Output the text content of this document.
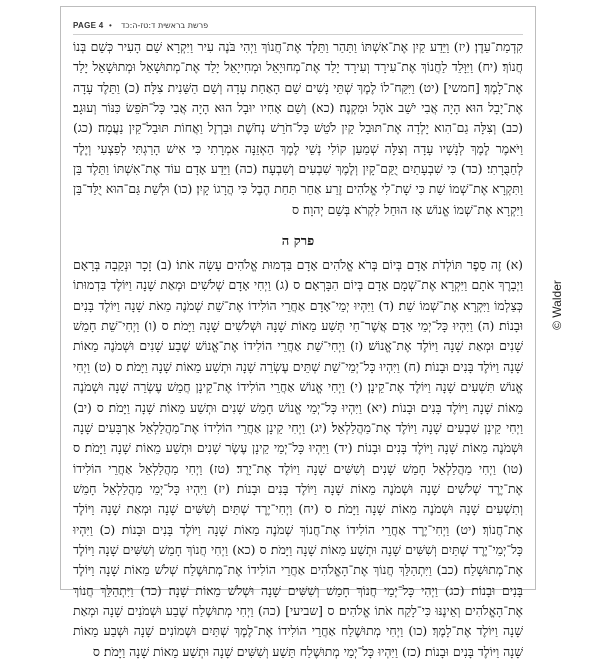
PAGE 4 • פרשת בראשית ד:טז-ה:כד

קִדְמַת־עֵדֶן׃ (יז) וַיֵּדַע קַיִן אֶת־אִשְׁתּוֹ וַתַּהַר וַתֵּלֶד אֶת־חֲנוֹךְ וַיְהִי בֹּנֶה עִיר וַיִּקְרָא שֵׁם הָעִיר כְּשֵׁם בְּנוֹ חֲנוֹךְ׃ (יח) וַיִּוָּלֵד לַחֲנוֹךְ אֶת־עִירָד וְעִירָד יָלַד אֶת־מְחוּיָאֵל וּמְחִייָאֵל יָלַד אֶת־מְתוּשָׁאֵל וּמְתוּשָׁאֵל יָלַד אֶת־לָמֶךְ׃ [חמשי] (יט) וַיִּקַּח־לוֹ לֶמֶךְ שְׁתֵּי נָשִׁים שֵׁם הָאַחַת עָדָה וְשֵׁם הַשֵּׁנִית צִלָּה׃ (כ) וַתֵּלֶד עָדָה אֶת־יָבָל הוּא הָיָה אֲבִי יֹשֵׁב אֹהֶל וּמִקְנֶה׃ (כא) וְשֵׁם אָחִיו יוּבָל הוּא הָיָה אֲבִי כָּל־תֹּפֵשׂ כִּנּוֹר וְעוּגָב׃ (כב) וְצִלָּה גַם־הִוא יָלְדָה אֶת־תּוּבַל קַיִן לֹטֵשׁ כָּל־חֹרֵשׁ נְחֹשֶׁת וּבַרְזֶל וַאֲחוֹת תּוּבַל־קַיִן נַעֲמָה׃ (כג) וַיֹּאמֶר לֶמֶךְ לְנָשָׁיו עָדָה וְצִלָּה שְׁמַעַן קוֹלִי נְשֵׁי לֶמֶךְ הַאְזֵנָּה אִמְרָתִי כִּי אִישׁ הָרַגְתִּי לְפִצְעִי וְיֶלֶד לְחַבֻּרָתִי׃ (כד) כִּי שִׁבְעָתַיִם יֻקַּם־קָיִן וְלֶמֶךְ שִׁבְעִים וְשִׁבְעָה׃ (כה) וַיֵּדַע אָדָם עוֹד אֶת־אִשְׁתּוֹ וַתֵּלֶד בֵּן וַתִּקְרָא אֶת־שְׁמוֹ שֵׁת כִּי שָׁת־לִי אֱלֹהִים זֶרַע אַחֵר תַּחַת הֶבֶל כִּי הֲרָגוֹ קָיִן׃ (כו) וּלְשֵׁת גַּם־הוּא יֻלַּד־בֵּן וַיִּקְרָא אֶת־שְׁמוֹ אֱנוֹשׁ אָז הוּחַל לִקְרֹא בְּשֵׁם יְהוָה׃ ס

פרק ה

(א) זֶה סֵפֶר תּוֹלְדֹת אָדָם בְּיוֹם בְּרֹא אֱלֹהִים אָדָם בִּדְמוּת אֱלֹהִים עָשָׂה אֹתוֹ׃ (ב) זָכָר וּנְקֵבָה בְּרָאָם וַיְבָרֶךְ אֹתָם וַיִּקְרָא אֶת־שְׁמָם אָדָם בְּיוֹם הִבָּרְאָם׃ ס (ג) וַיְחִי אָדָם שְׁלֹשִׁים וּמְאַת שָׁנָה וַיּוֹלֶד בִּדְמוּתוֹ כְּצַלְמוֹ וַיִּקְרָא אֶת־שְׁמוֹ שֵׁת׃ (ד) וַיִּהְיוּ יְמֵי־אָדָם אַחֲרֵי הוֹלִידוֹ אֶת־שֵׁת שְׁמֹנֶה מֵאֹת שָׁנָה וַיּוֹלֶד בָּנִים וּבָנוֹת׃ (ה) וַיִּהְיוּ כָּל־יְמֵי אָדָם אֲשֶׁר־חַי תְּשַׁע מֵאוֹת שָׁנָה וּשְׁלֹשִׁים שָׁנָה וַיָּמֹת׃ ס (ו) וַיְחִי־שֵׁת חָמֵשׁ שָׁנִים וּמְאַת שָׁנָה וַיּוֹלֶד אֶת־אֱנוֹשׁ׃ (ז) וַיְחִי־שֵׁת אַחֲרֵי הוֹלִידוֹ אֶת־אֱנוֹשׁ שֶׁבַע שָׁנִים וּשְׁמֹנֶה מֵאוֹת שָׁנָה וַיּוֹלֶד בָּנִים וּבָנוֹת׃ (ח) וַיִּהְיוּ כָּל־יְמֵי־שֵׁת שְׁתֵּים עֶשְׂרֵה שָׁנָה וּתְשַׁע מֵאוֹת שָׁנָה וַיָּמֹת׃ ס (ט) וַיְחִי אֱנוֹשׁ תִּשְׁעִים שָׁנָה וַיּוֹלֶד אֶת־קֵינָן׃ (י) וַיְחִי אֱנוֹשׁ אַחֲרֵי הוֹלִידוֹ אֶת־קֵינָן חֲמֵשׁ עֶשְׂרֵה שָׁנָה וּשְׁמֹנֶה מֵאוֹת שָׁנָה וַיּוֹלֶד בָּנִים וּבָנוֹת׃ (יא) וַיִּהְיוּ כָּל־יְמֵי אֱנוֹשׁ חָמֵשׁ שָׁנִים וּתְשַׁע מֵאוֹת שָׁנָה וַיָּמֹת׃ ס (יב) וַיְחִי קֵינָן שִׁבְעִים שָׁנָה וַיּוֹלֶד אֶת־מַהֲלַלְאֵל׃ (יג) וַיְחִי קֵינָן אַחֲרֵי הוֹלִידוֹ אֶת־מַהֲלַלְאֵל אַרְבָּעִים שָׁנָה וּשְׁמֹנֶה מֵאוֹת שָׁנָה וַיּוֹלֶד בָּנִים וּבָנוֹת׃ (יד) וַיִּהְיוּ כָּל־יְמֵי קֵינָן עֶשֶׂר שָׁנִים וּתְשַׁע מֵאוֹת שָׁנָה וַיָּמֹת׃ ס (טו) וַיְחִי מַהֲלַלְאֵל חָמֵשׁ שָׁנִים וְשִׁשִּׁים שָׁנָה וַיּוֹלֶד אֶת־יָרֶד׃ (טז) וַיְחִי מַהֲלַלְאֵל אַחֲרֵי הוֹלִידוֹ אֶת־יֶרֶד שְׁלֹשִׁים שָׁנָה וּשְׁמֹנֶה מֵאוֹת שָׁנָה וַיּוֹלֶד בָּנִים וּבָנוֹת׃ (יז) וַיִּהְיוּ כָּל־יְמֵי מַהֲלַלְאֵל חָמֵשׁ וְתִשְׁעִים שָׁנָה וּשְׁמֹנֶה מֵאוֹת שָׁנָה וַיָּמֹת׃ ס (יח) וַיְחִי־יֶרֶד שְׁתַּיִם וְשִׁשִּׁים שָׁנָה וּמְאַת שָׁנָה וַיּוֹלֶד אֶת־חֲנוֹךְ׃ (יט) וַיְחִי־יֶרֶד אַחֲרֵי הוֹלִידוֹ אֶת־חֲנוֹךְ שְׁמֹנֶה מֵאוֹת שָׁנָה וַיּוֹלֶד בָּנִים וּבָנוֹת׃ (כ) וַיִּהְיוּ כָּל־יְמֵי־יֶרֶד שְׁתַּיִם וְשִׁשִּׁים שָׁנָה וּתְשַׁע מֵאוֹת שָׁנָה וַיָּמֹת׃ ס (כא) וַיְחִי חֲנוֹךְ חָמֵשׁ וְשִׁשִּׁים שָׁנָה וַיּוֹלֶד אֶת־מְתוּשָׁלַח׃ (כב) וַיִּתְהַלֵּךְ חֲנוֹךְ אֶת־הָאֱלֹהִים אַחֲרֵי הוֹלִידוֹ אֶת־מְתוּשֶׁלַח שְׁלֹשׁ מֵאוֹת שָׁנָה וַיּוֹלֶד בָּנִים וּבָנוֹת׃ (כג) וַיְהִי כָּל־יְמֵי חֲנוֹךְ חָמֵשׁ וְשִׁשִּׁים שָׁנָה וּשְׁלֹשׁ מֵאוֹת שָׁנָה׃ (כד) וַיִּתְהַלֵּךְ חֲנוֹךְ אֶת־הָאֱלֹהִים וְאֵינֶנּוּ כִּי־לָקַח אֹתוֹ אֱלֹהִים׃ ס [שביעי] (כה) וַיְחִי מְתוּשֶׁלַח שֶׁבַע וּשְׁמֹנִים שָׁנָה וּמְאַת שָׁנָה וַיּוֹלֶד אֶת־לָמֶךְ׃ (כו) וַיְחִי מְתוּשֶׁלַח אַחֲרֵי הוֹלִידוֹ אֶת־לֶמֶךְ שְׁתַּיִם וּשְׁמוֹנִים שָׁנָה וּשְׁבַע מֵאוֹת שָׁנָה וַיּוֹלֶד בָּנִים וּבָנוֹת׃ (כז) וַיִּהְיוּ כָּל־יְמֵי מְתוּשֶׁלַח תֵּשַׁע וְשִׁשִּׁים שָׁנָה וּתְשַׁע מֵאוֹת שָׁנָה וַיָּמֹת׃ ס

© Walder
